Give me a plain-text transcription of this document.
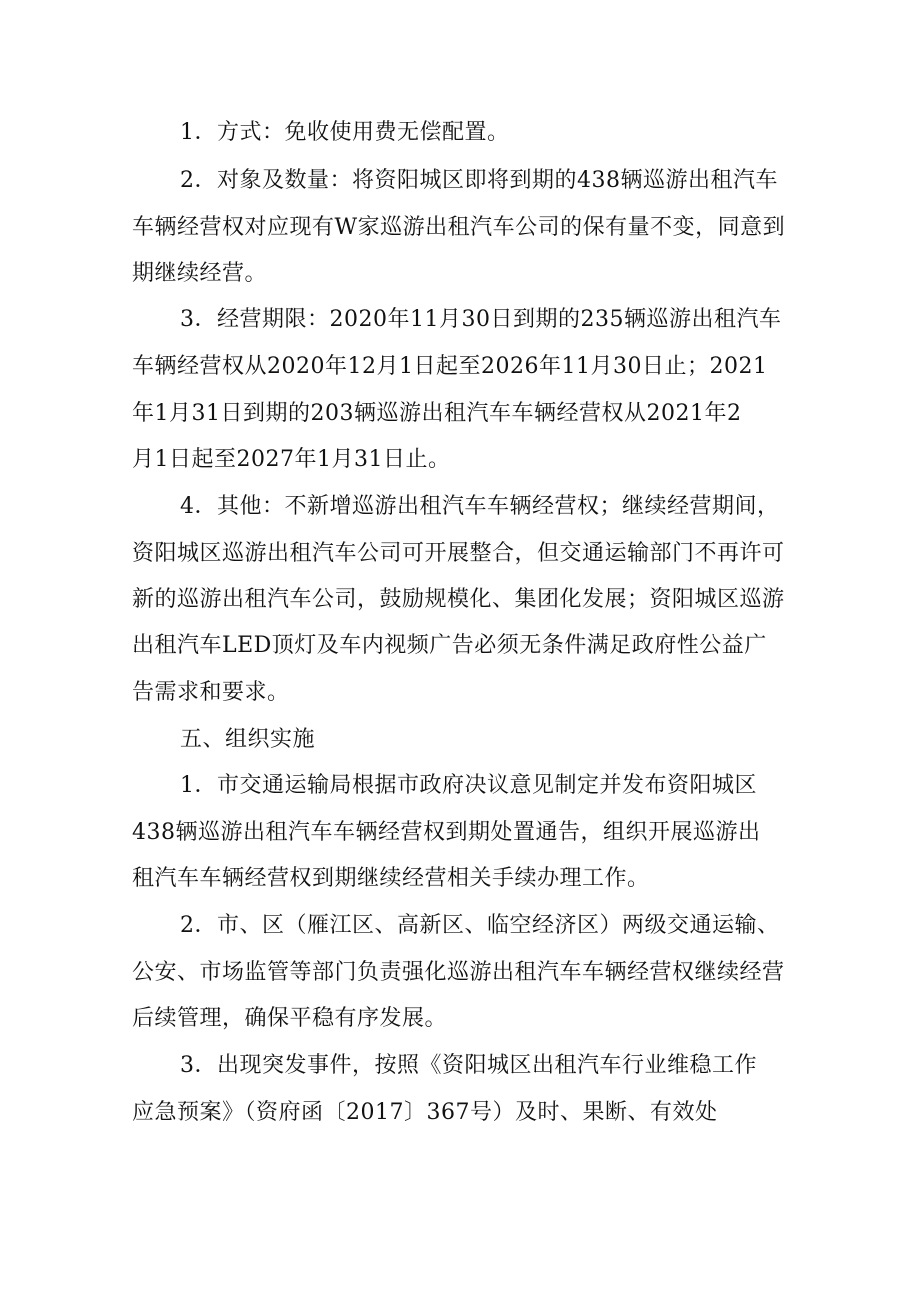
1．方式：免收使用费无偿配置。
2．对象及数量：将资阳城区即将到期的438辆巡游出租汽车
车辆经营权对应现有W家巡游出租汽车公司的保有量不变，同意到
期继续经营。
3．经营期限：2020年11月30日到期的235辆巡游出租汽车
车辆经营权从2020年12月1日起至2026年11月30日止；2021
年1月31日到期的203辆巡游出租汽车车辆经营权从2021年2
月1日起至2027年1月31日止。
4．其他：不新增巡游出租汽车车辆经营权；继续经营期间，
资阳城区巡游出租汽车公司可开展整合，但交通运输部门不再许可
新的巡游出租汽车公司，鼓励规模化、集团化发展；资阳城区巡游
出租汽车LED顶灯及车内视频广告必须无条件满足政府性公益广
告需求和要求。
五、组织实施
1．市交通运输局根据市政府决议意见制定并发布资阳城区
438辆巡游出租汽车车辆经营权到期处置通告，组织开展巡游出
租汽车车辆经营权到期继续经营相关手续办理工作。
2．市、区（雁江区、高新区、临空经济区）两级交通运输、
公安、市场监管等部门负责强化巡游出租汽车车辆经营权继续经营
后续管理，确保平稳有序发展。
3．出现突发事件，按照《资阳城区出租汽车行业维稳工作
应急预案》（资府函〔2017〕367号）及时、果断、有效处
